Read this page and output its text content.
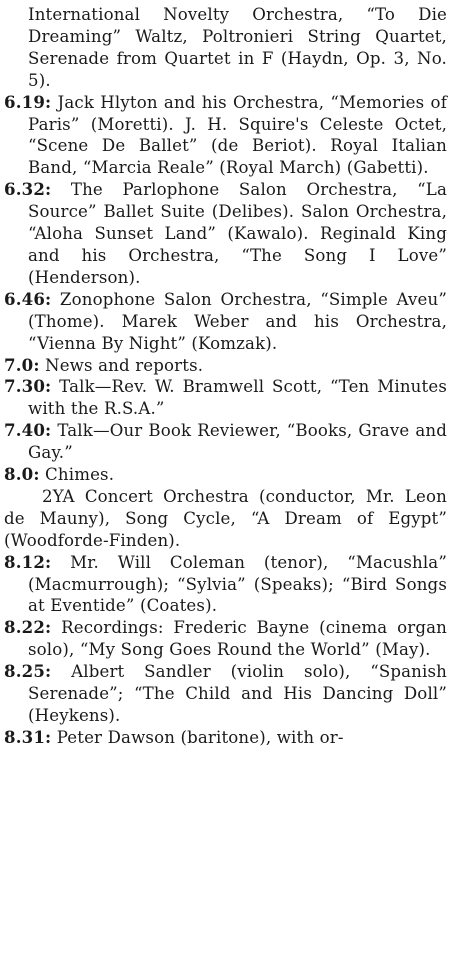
International Novelty Orchestra, “To Die Dreaming” Waltz, Poltronieri String Quartet, Serenade from Quartet in F (Haydn, Op. 3, No. 5).

6.19: Jack Hlyton and his Orchestra, “Memories of Paris” (Moretti). J. H. Squire's Celeste Octet, “Scene De Ballet” (de Beriot). Royal Italian Band, “Marcia Reale” (Royal March) (Gabetti).

6.32: The Parlophone Salon Orchestra, “La Source” Ballet Suite (Delibes). Salon Orchestra, “Aloha Sunset Land” (Kawalo). Reginald King and his Orchestra, “The Song I Love” (Henderson).

6.46: Zonophone Salon Orchestra, “Simple Aveu” (Thome). Marek Weber and his Orchestra, “Vienna By Night” (Komzak).

7.0: News and reports.

7.30: Talk—Rev. W. Bramwell Scott, “Ten Minutes with the R.S.A.”

7.40: Talk—Our Book Reviewer, “Books, Grave and Gay.”

8.0: Chimes.

2YA Concert Orchestra (conductor, Mr. Leon de Mauny), Song Cycle, “A Dream of Egypt” (Woodforde-Finden).

8.12: Mr. Will Coleman (tenor), “Macushla” (Macmurrough); “Sylvia” (Speaks); “Bird Songs at Eventide” (Coates).

8.22: Recordings: Frederic Bayne (cinema organ solo), “My Song Goes Round the World” (May).

8.25: Albert Sandler (violin solo), “Spanish Serenade”; “The Child and His Dancing Doll” (Heykens).

8.31: Peter Dawson (baritone), with or-
